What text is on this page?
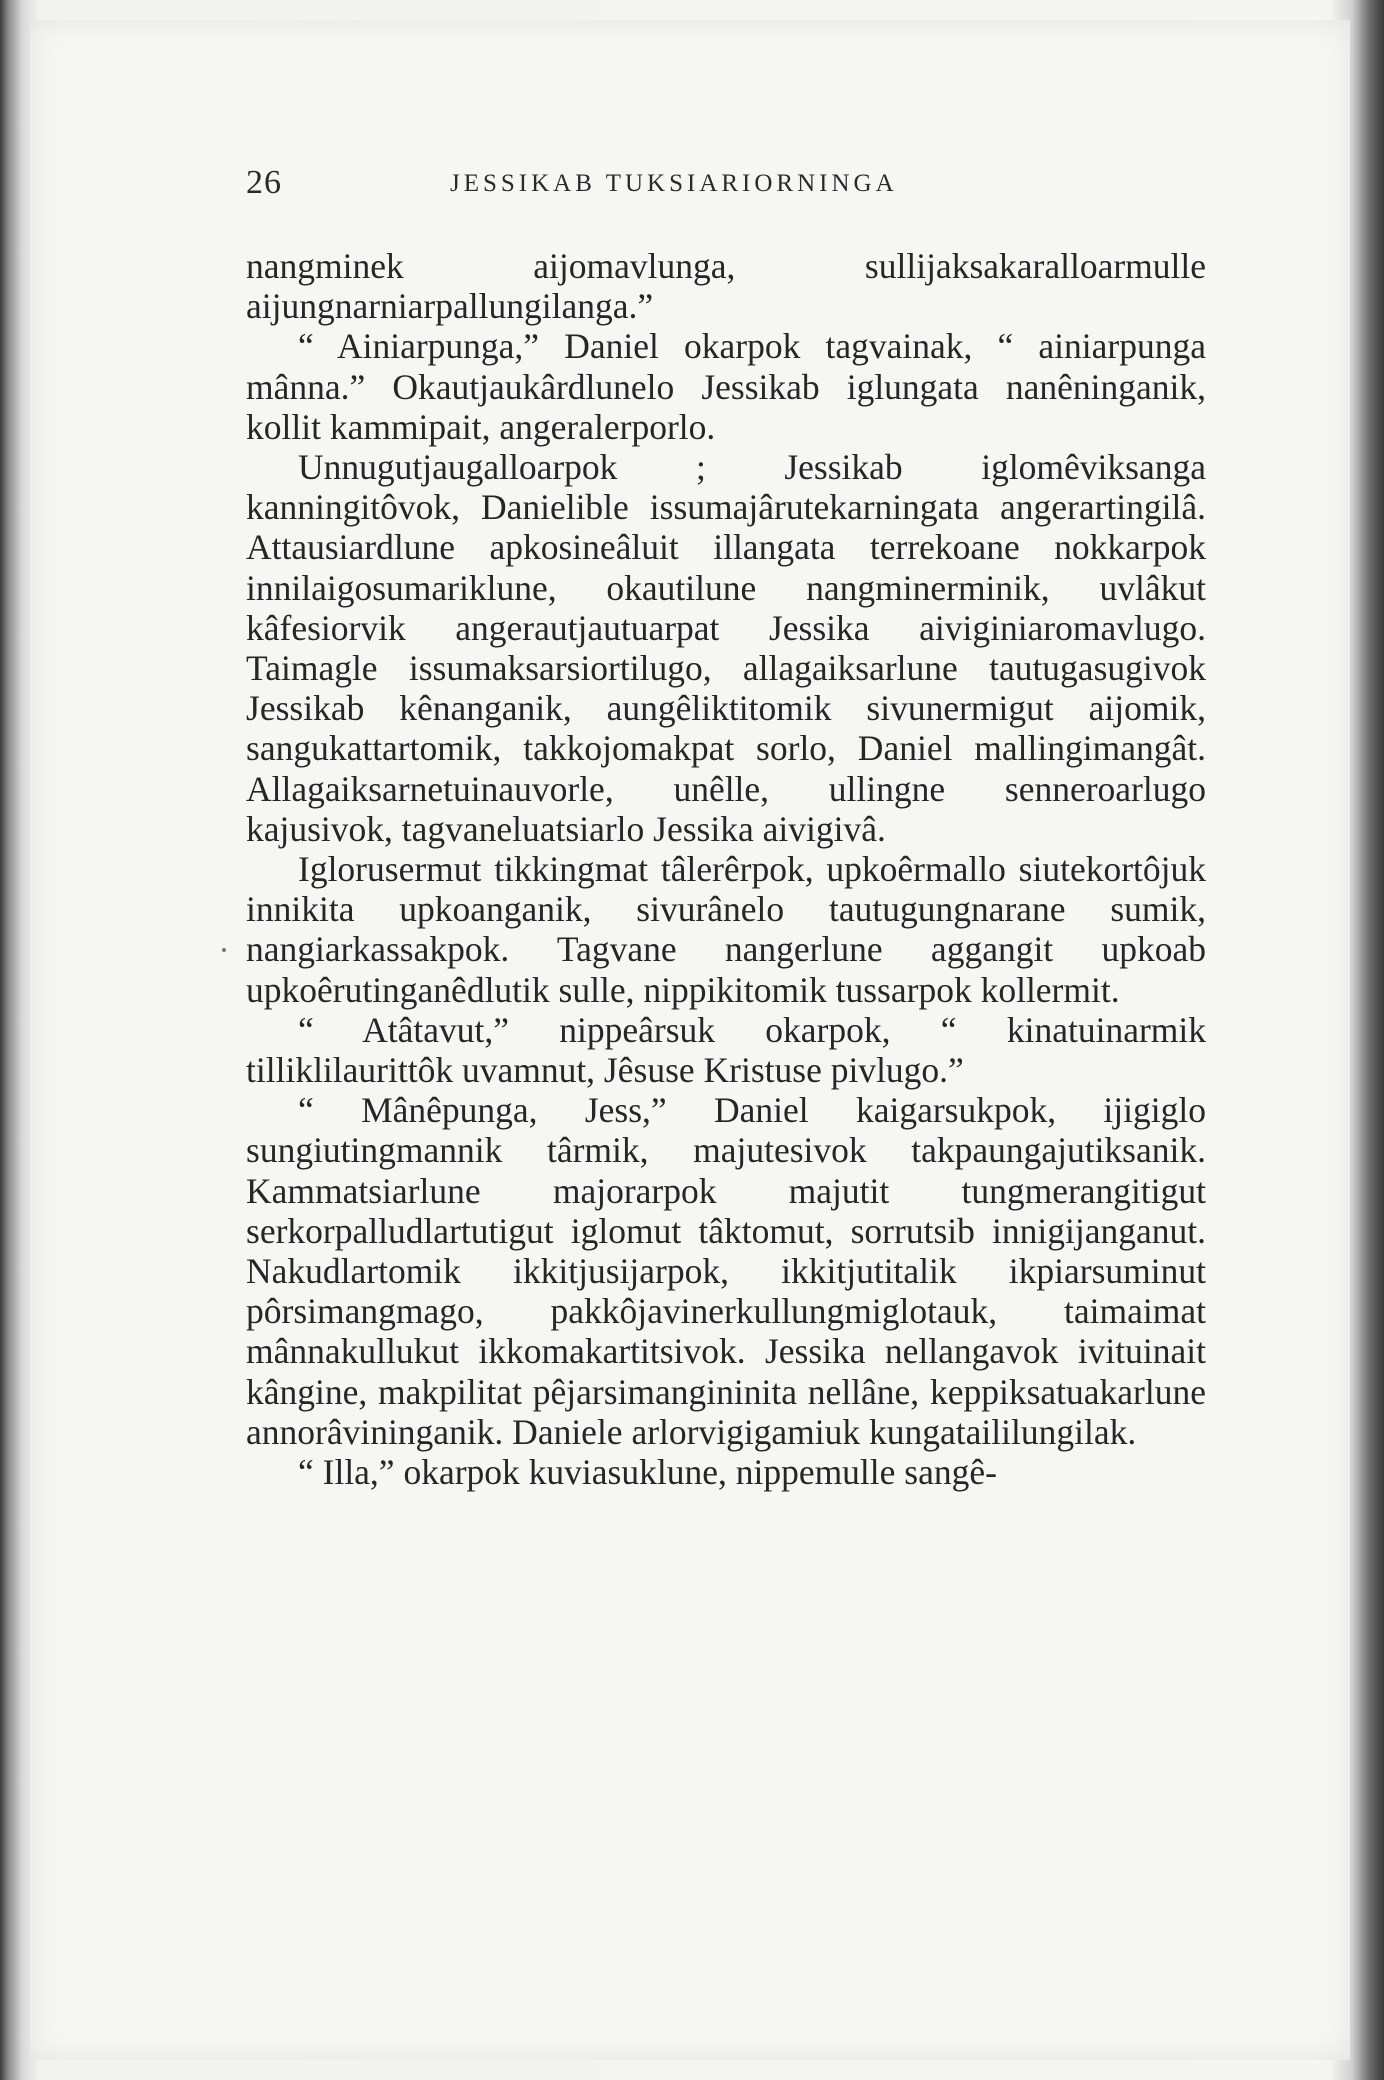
26	JESSIKAB TUKSIARIORNINGA

nangminek aijomavlunga, sullijaksakaralloarmulle aijungnarniarpallungilanga.”

“ Ainiarpunga,” Daniel okarpok tagvainak, “ ainiarpunga mânna.” Okautjaukârdlunelo Jessikab iglungata nanêninganik, kollit kammipait, angeralerporlo.

Unnugutjaugalloarpok ; Jessikab iglomêviksanga kanningitôvok, Danielible issumajârutekarningata angerartingilâ. Attausiardlune apkosineâluit illangata terrekoane nokkarpok innilaigosumariklune, okautilune nangminerminik, uvlâkut kâfesiorvik angerautjautuarpat Jessika aiviginiaromavlugo. Taimagle issumaksarsiortilugo, allagaiksarlune tautugasugivok Jessikab kênanganik, aungêliktitomik sivunermigut aijomik, sangukattartomik, takkojomakpat sorlo, Daniel mallingimangât. Allagaiksarnetuinauvorle, unêlle, ullingne senneroarlugo kajusivok, tagvaneluatsiarlo Jessika aivigivâ.

Iglorusermut tikkingmat tâlerêrpok, upkoêrmallo siutekortôjuk innikita upkoanganik, sivurânelo tautugungnarane sumik, nangiarkassakpok. Tagvane nangerlune aggangit upkoab upkoêrutinganêdlutik sulle, nippikitomik tussarpok kollermit.

“ Atâtavut,” nippeârsuk okarpok, “ kinatuinarmik tilliklilaurittôk uvamnut, Jêsuse Kristuse pivlugo.”

“ Mânêpunga, Jess,” Daniel kaigarsukpok, ijigiglo sungiutingmannik târmik, majutesivok takpaungajutiksanik. Kammatsiarlune majorarpok majutit tungmerangitigut serkorpalludlartutigut iglomut tâktomut, sorrutsib innigijanganut. Nakudlartomik ikkitjusijarpok, ikkitjutitalik ikpiarsuminut pôrsimangmago, pakkôjavinerkullungmiglotauk, taimaimat mânnakullukut ikkomakartitsivok. Jessika nellangavok ivituinait kângine, makpilitat pêjarsimangininita nellâne, keppiksatuakarlune annorâvininganik. Daniele arlorvigigamiuk kungataililungilak.

“ Illa,” okarpok kuviasuklune, nippemulle sangê-
